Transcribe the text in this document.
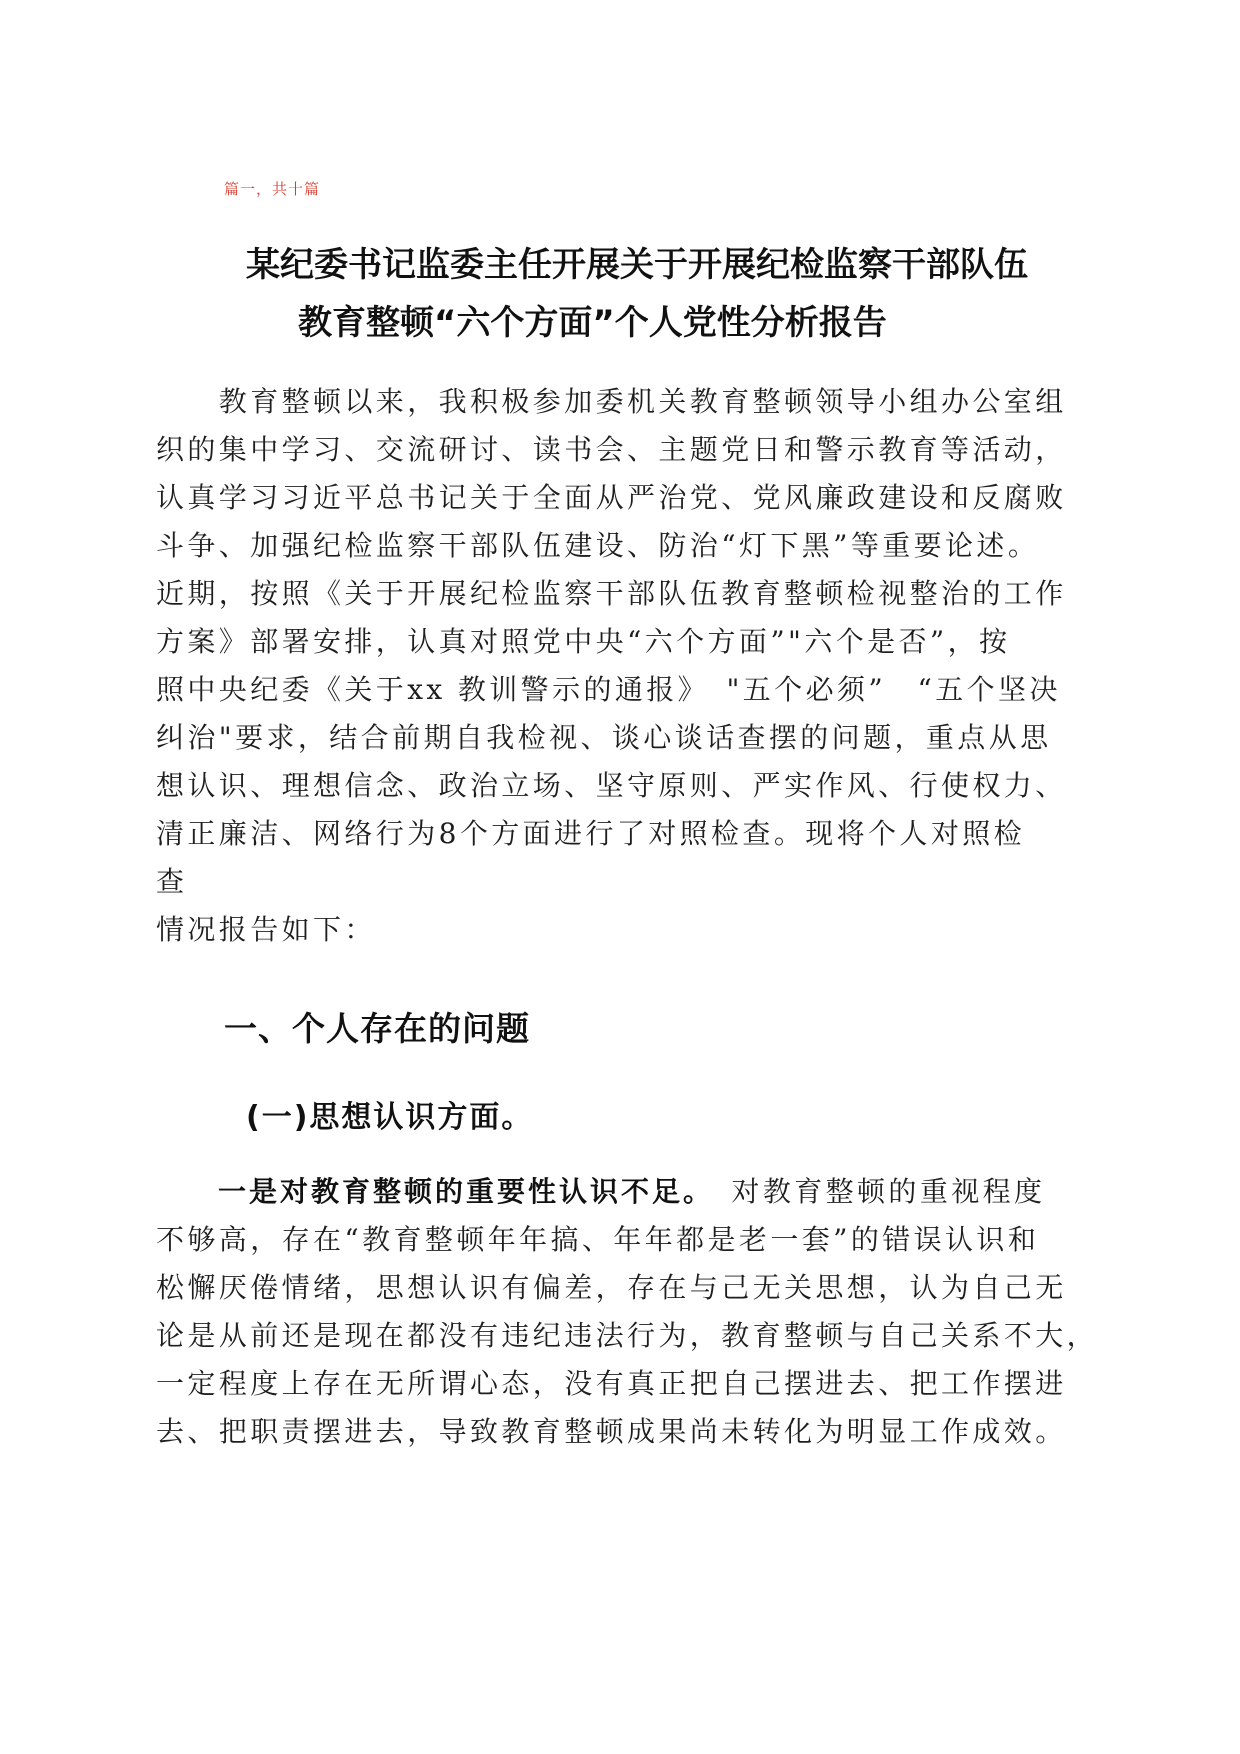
篇一，共十篇
某纪委书记监委主任开展关于开展纪检监察干部队伍
教育整顿“六个方面”个人党性分析报告
　　教育整顿以来，我积极参加委机关教育整顿领导小组办公室组
织的集中学习、交流研讨、读书会、主题党日和警示教育等活动，
认真学习习近平总书记关于全面从严治党、党风廉政建设和反腐败
斗争、加强纪检监察干部队伍建设、防治“灯下黑”等重要论述。
近期，按照《关于开展纪检监察干部队伍教育整顿检视整治的工作
方案》部署安排，认真对照党中央“六个方面”"六个是否”，按
照中央纪委《关于xx 教训警示的通报》　"五个必须”　“五个坚决
纠治"要求，结合前期自我检视、谈心谈话查摆的问题，重点从思
想认识、理想信念、政治立场、坚守原则、严实作风、行使权力、
清正廉洁、网络行为8个方面进行了对照检查。现将个人对照检
查
情况报告如下：
一、个人存在的问题
(一)思想认识方面。
　　一是对教育整顿的重要性认识不足。　对教育整顿的重视程度
不够高，存在“教育整顿年年搞、年年都是老一套”的错误认识和
松懈厌倦情绪，思想认识有偏差，存在与己无关思想，认为自己无
论是从前还是现在都没有违纪违法行为，教育整顿与自己关系不大，
一定程度上存在无所谓心态，没有真正把自己摆进去、把工作摆进
去、把职责摆进去，导致教育整顿成果尚未转化为明显工作成效。
